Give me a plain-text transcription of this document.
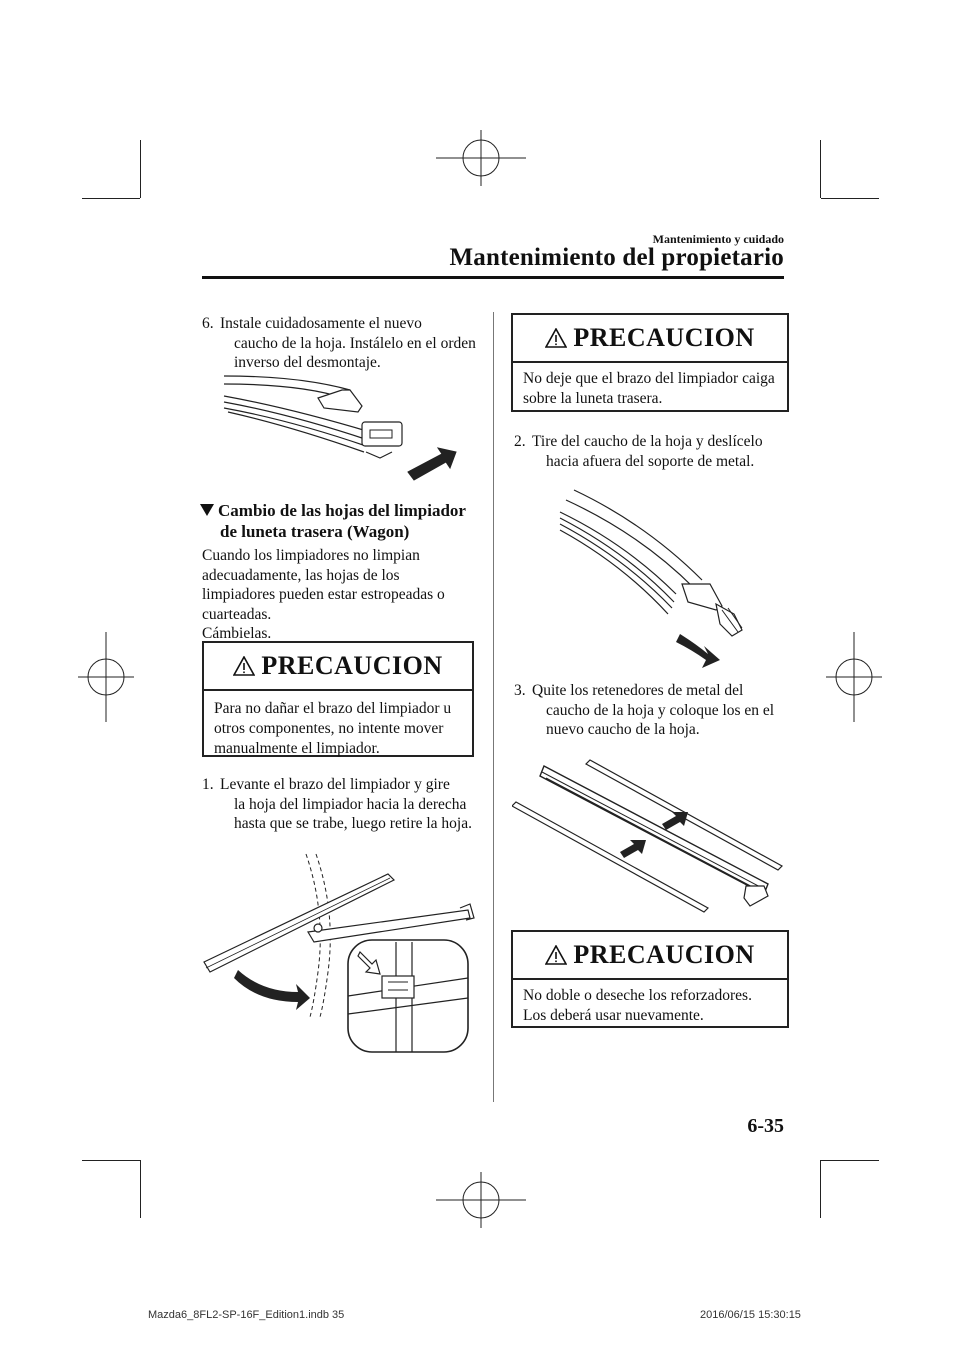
Mantenimiento y cuidado
Mantenimiento del propietario
6. Instale cuidadosamente el nuevo
caucho de la hoja. Instálelo en el orden
inverso del desmontaje.
Cambio de las hojas del limpiador
de luneta trasera (Wagon)
Cuando los limpiadores no limpian
adecuadamente, las hojas de los
limpiadores pueden estar estropeadas o
cuarteadas.
Cámbielas.
PRECAUCION
Para no dañar el brazo del limpiador u
otros componentes, no intente mover
manualmente el limpiador.
1. Levante el brazo del limpiador y gire
la hoja del limpiador hacia la derecha
hasta que se trabe, luego retire la hoja.
PRECAUCION
No deje que el brazo del limpiador caiga
sobre la luneta trasera.
2. Tire del caucho de la hoja y deslícelo
hacia afuera del soporte de metal.
3. Quite los retenedores de metal del
caucho de la hoja y coloque los en el
nuevo caucho de la hoja.
PRECAUCION
No doble o deseche los reforzadores.
Los deberá usar nuevamente.
6-35
Mazda6_8FL2-SP-16F_Edition1.indb 35	2016/06/15 15:30:15
